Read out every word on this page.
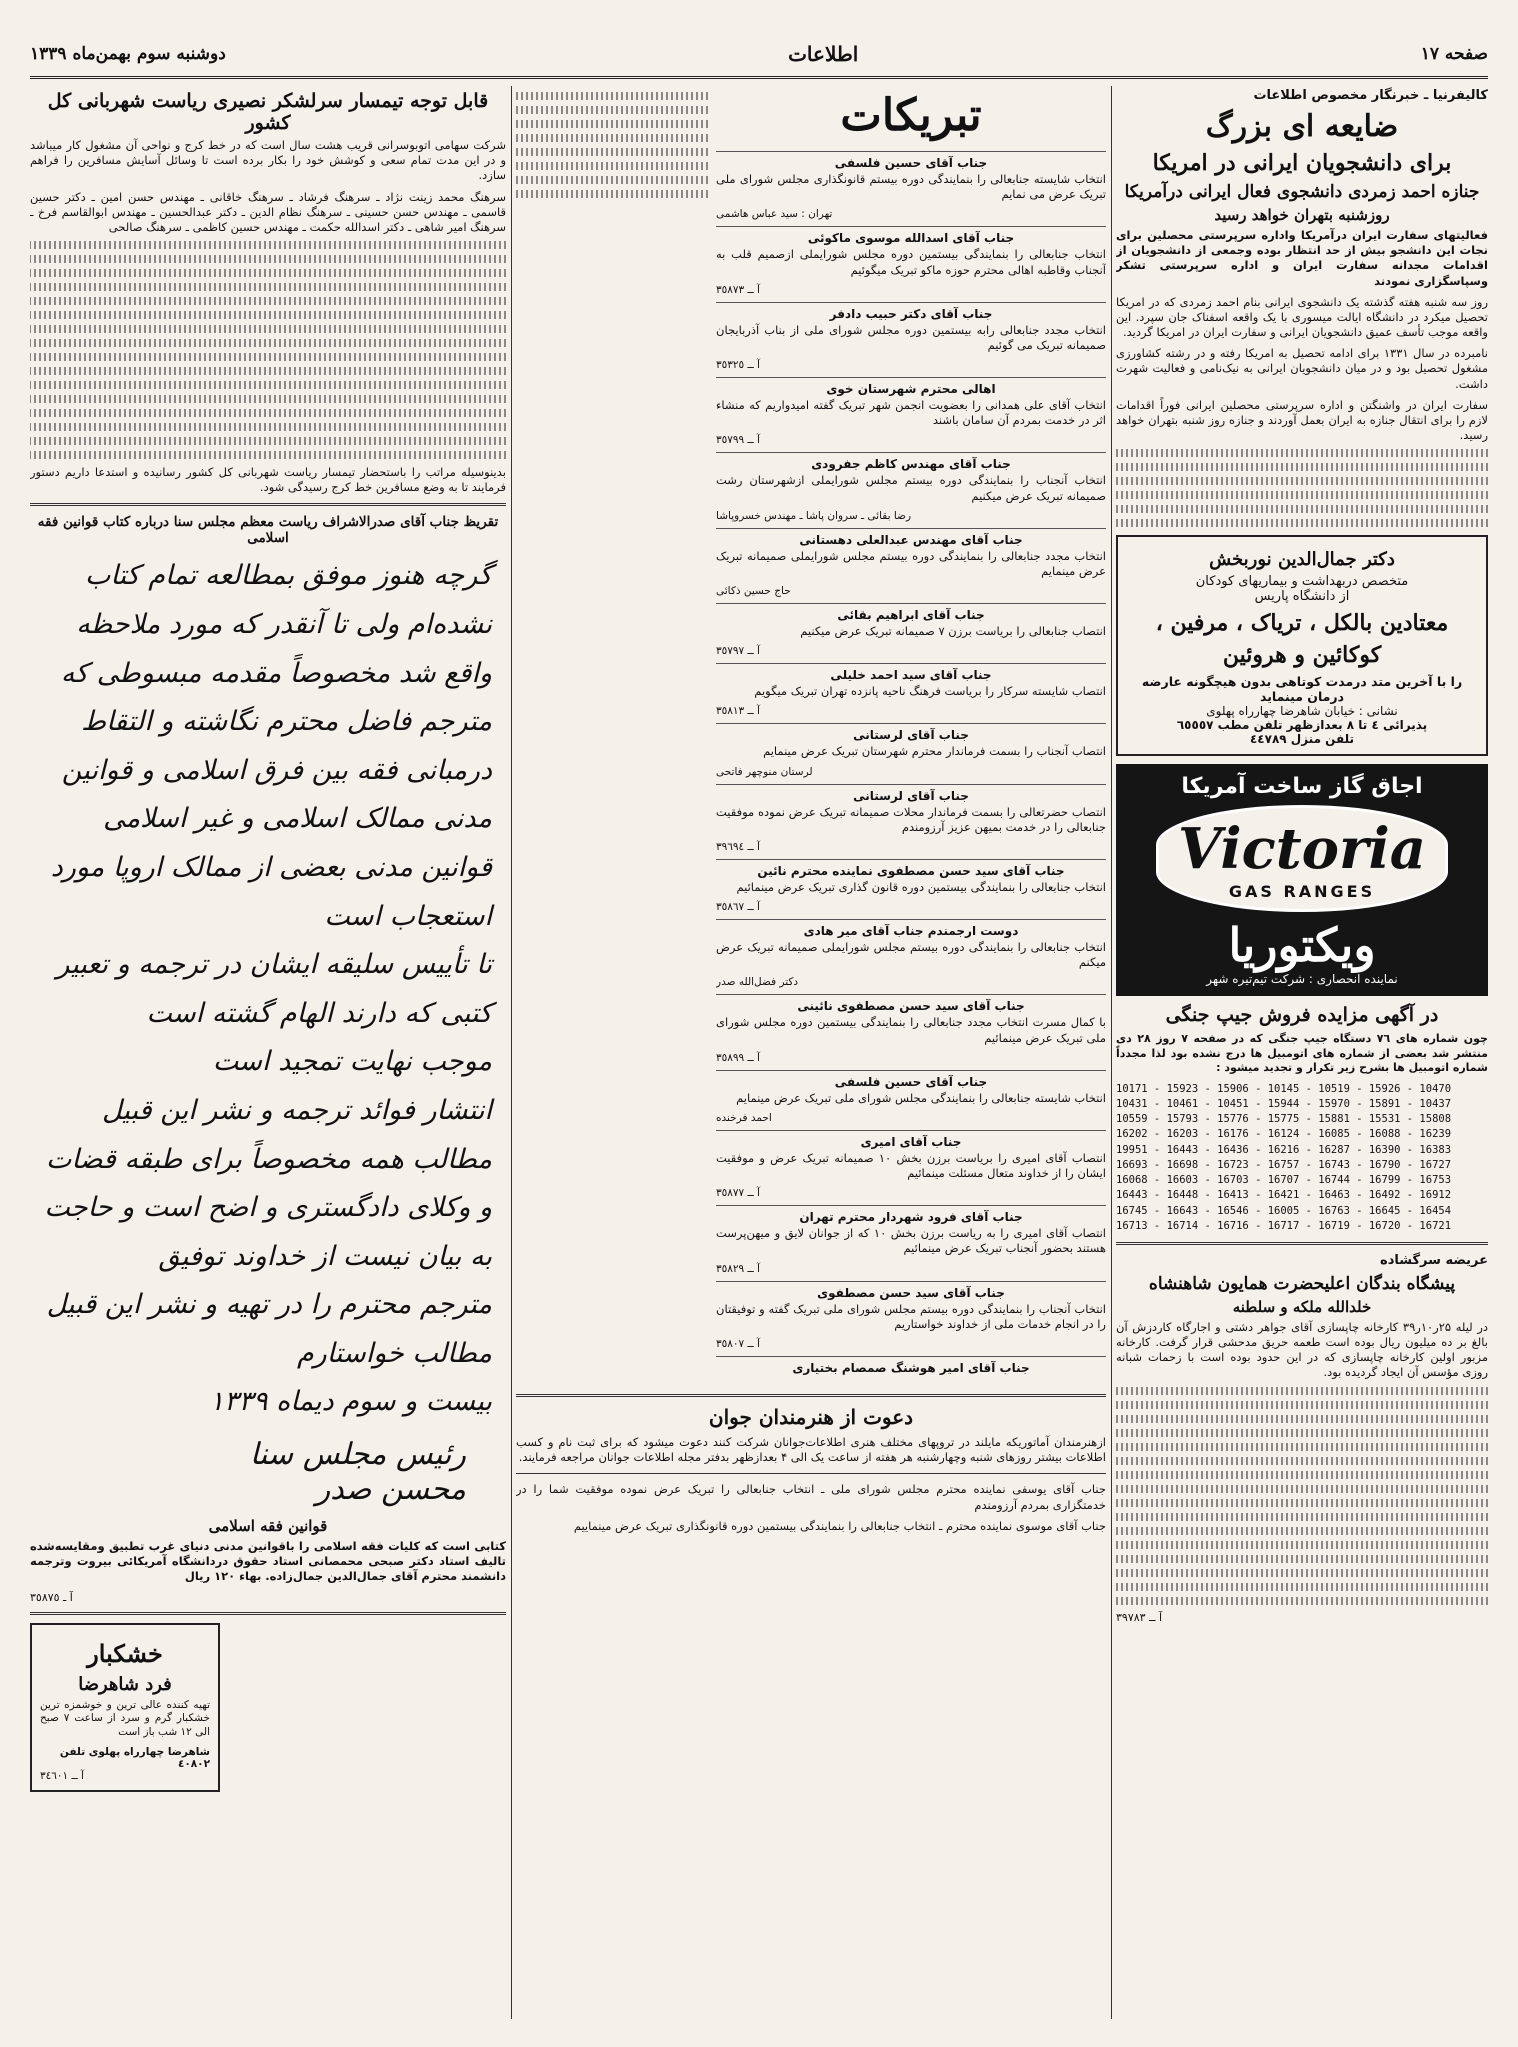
صفحه ۱۷
اطلاعات
دوشنبه سوم بهمن‌ماه ۱۳۳۹
کالیفرنیا ـ خبرنگار مخصوص اطلاعات
ضایعه ای بزرگ
برای دانشجویان ایرانی در امریکا
جنازه احمد زمردی دانشجوی فعال ایرانی درآمریکا
روزشنبه بتهران خواهد رسید

فعالیتهای سفارت ایران درآمریکا واداره سرپرستی محصلین برای نجات این دانشجو بیش از حد انتظار بوده وجمعی از دانشجویان از اقدامات مجدانه سفارت ایران و اداره سرپرستی تشکر وسپاسگزاری نمودند

روز سه شنبه هفته گذشته یک دانشجوی ایرانی بنام احمد زمردی که در امریکا تحصیل میکرد در دانشگاه ایالت میسوری با یک واقعه اسفناک جان سپرد. این واقعه موجب تأسف عمیق دانشجویان ایرانی و سفارت ایران در امریکا گردید.

نامبرده در سال ۱۳۳۱ برای ادامه تحصیل به امریکا رفته و در رشته کشاورزی مشغول تحصیل بود و در میان دانشجویان ایرانی به نیک‌نامی و فعالیت شهرت داشت.

سفارت ایران در واشنگتن و اداره سرپرستی محصلین ایرانی فوراً اقدامات لازم را برای انتقال جنازه به ایران بعمل آوردند و جنازه روز شنبه بتهران خواهد رسید.

دکتر جمال‌الدین نوربخش
متخصص دربهداشت و بیماریهای کودکان
از دانشگاه پاریس
معتادین بالکل ، تریاک ، مرفین ،
کوکائین و هروئین
را با آخرین متد درمدت کوتاهی بدون هیچگونه عارضه درمان مینماید
نشانی : خیابان شاهرضا چهارراه پهلوی
پذیرائی ٤ تا ۸ بعدازظهر تلفن مطب ٦٥٥٥٧
تلفن منزل ٤٤٧٨٩
اجاق گاز ساخت آمریکا
Victoria
GAS RANGES
ویکتوریا
نماینده انحصاری : شرکت تیم‌تیره شهر
در آگهی مزایده فروش جیپ جنگی

چون شماره های ٧٦ دستگاه جیپ جنگی که در صفحه ۷ روز ۲۸ دی منتشر شد بعضی از شماره های اتومبیل ها درج نشده بود لذا مجدداً شماره اتومبیل ها بشرح زیر تکرار و تجدید میشود :

10171 - 15923 - 15906 - 10145 - 10519 - 15926 - 10470
10431 - 10461 - 10451 - 15944 - 15970 - 15891 - 10437
10559 - 15793 - 15776 - 15775 - 15881 - 15531 - 15808
16202 - 16203 - 16176 - 16124 - 16085 - 16088 - 16239
19951 - 16443 - 16436 - 16216 - 16287 - 16390 - 16383
16693 - 16698 - 16723 - 16757 - 16743 - 16790 - 16727
16068 - 16603 - 16703 - 16707 - 16744 - 16799 - 16753
16443 - 16448 - 16413 - 16421 - 16463 - 16492 - 16912
16745 - 16643 - 16546 - 16005 - 16763 - 16645 - 16454
16713 - 16714 - 16716 - 16717 - 16719 - 16720 - 16721
عریضه سرگشاده
پیشگاه بندگان اعلیحضرت همایون شاهنشاه
خلدالله ملکه و سلطنه

در لیله ۲۵ر۱۰ر۳۹ کارخانه چاپسازی آقای جواهر دشتی و اجارگاه کاردزش آن بالغ بر ده میلیون ریال بوده است طعمه حریق مدحشی قرار گرفت. کارخانه مزبور اولین کارخانه چاپسازی که در این حدود بوده است با زحمات شبانه روزی مؤسس آن ایجاد گردیده بود.

آ ــ ٣٩٧٨٣
تبریکات
جناب آقای حسین فلسفی

انتخاب شایسته جنابعالی را بنمایندگی دوره بیستم قانونگذاری مجلس شورای ملی تبریک عرض می نمایم

تهران : سید عباس هاشمی
جناب آقای اسدالله موسوی ماکوئی

انتخاب جنابعالی را بنمایندگی بیستمین دوره مجلس شورایملی ازصمیم قلب به آنجناب وقاطبه اهالی محترم حوزه ماکو تبریک میگوئیم

آ ــ ٣٥٨٧٣
جناب آقای دکتر حبیب دادفر

انتخاب مجدد جنابعالی رابه بیستمین دوره مجلس شورای ملی از بناب آذربایجان صمیمانه تبریک می گوئیم

آ ــ ٣٥٣٢٥
اهالی محترم شهرستان خوی

انتخاب آقای علی همدانی را بعضویت انجمن شهر تبریک گفته امیدواریم که منشاء اثر در خدمت بمردم آن سامان باشند

آ ــ ٣٥٧٩٩
جناب آقای مهندس کاظم جفرودی

انتخاب آنجناب را بنمایندگی دوره بیستم مجلس شورایملی ازشهرستان رشت صمیمانه تبریک عرض میکنیم

رضا بقائی ـ سروان پاشا ـ مهندس خسروپاشا
جناب آقای مهندس عبدالعلی دهستانی

انتخاب مجدد جنابعالی را بنمایندگی دوره بیستم مجلس شورایملی صمیمانه تبریک عرض مینمایم

حاج حسین ذکائی
جناب آقای ابراهیم بقائی

انتصاب جنابعالی را بریاست برزن ۷ صمیمانه تبریک عرض میکنیم

آ ــ ٣٥٧٩٧
جناب آقای سید احمد خلیلی

انتصاب شایسته سرکار را بریاست فرهنگ ناحیه پانزده تهران تبریک میگویم

آ ــ ٣٥٨١٣
جناب آقای لرستانی

انتصاب آنجناب را بسمت فرماندار محترم شهرستان تبریک عرض مینمایم

لرستان منوچهر فاتحی
جناب آقای لرستانی

انتصاب حضرتعالی را بسمت فرماندار محلات صمیمانه تبریک عرض نموده موفقیت جنابعالی را در خدمت بمیهن عزیز آرزومندم

آ ــ ٣٩٦٩٤
جناب آقای سید حسن مصطفوی نماینده محترم نائین

انتخاب جنابعالی را بنمایندگی بیستمین دوره قانون گذاری تبریک عرض مینمائیم

آ ــ ٣٥٨٦٧
دوست ارجمندم جناب آقای میر هادی

انتخاب جنابعالی را بنمایندگی دوره بیستم مجلس شورایملی صمیمانه تبریک عرض میکنم

دکتر فضل‌الله صدر
جناب آقای سید حسن مصطفوی نائینی

با کمال مسرت انتخاب مجدد جنابعالی را بنمایندگی بیستمین دوره مجلس شورای ملی تبریک عرض مینمائیم

آ ــ ٣٥٨٩٩
جناب آقای حسین فلسفی

انتخاب شایسته جنابعالی را بنمایندگی مجلس شورای ملی تبریک عرض مینمایم

احمد فرخنده
جناب آقای امیری

انتصاب آقای امیری را بریاست برزن بخش ۱۰ صمیمانه تبریک عرض و موفقیت ایشان را از خداوند متعال مسئلت مینمائیم

آ ــ ٣٥٨٧٧
جناب آقای فرود شهردار محترم تهران

انتصاب آقای امیری را به ریاست برزن بخش ۱۰ که از جوانان لایق و میهن‌پرست هستند بحضور آنجناب تبریک عرض مینمائیم

آ ــ ٣٥٨٢٩
جناب آقای سید حسن مصطفوی

انتخاب آنجناب را بنمایندگی دوره بیستم مجلس شورای ملی تبریک گفته و توفیقتان را در انجام خدمات ملی از خداوند خواستاریم

آ ــ ٣٥٨٠٧
جناب آقای امیر هوشنگ صمصام بختیاری

دعوت از هنرمندان جوان

ازهنرمندان آماتوریکه مایلند در تروپهای مختلف هنری اطلاعات‌جوانان شرکت کنند دعوت میشود که برای ثبت نام و کسب اطلاعات بیشتر روزهای شنبه وچهارشنبه هر هفته از ساعت یک الی ۴ بعدازظهر بدفتر مجله اطلاعات جوانان مراجعه فرمایند.

جناب آقای یوسفی نماینده محترم مجلس شورای ملی ـ انتخاب جنابعالی را تبریک عرض نموده موفقیت شما را در خدمتگزاری بمردم آرزومندم

جناب آقای موسوی نماینده محترم ـ انتخاب جنابعالی را بنمایندگی بیستمین دوره قانونگذاری تبریک عرض مینماییم

قابل توجه تیمسار سرلشکر نصیری ریاست شهربانی کل کشور

شرکت سهامی اتوبوسرانی قریب هشت سال است که در خط کرج و نواحی آن مشغول کار میباشد و در این مدت تمام سعی و کوشش خود را بکار برده است تا وسائل آسایش مسافرین را فراهم سازد.

سرهنگ محمد زینت نژاد ـ سرهنگ فرشاد ـ سرهنگ خاقانی ـ مهندس حسن امین ـ دکتر حسین قاسمی ـ مهندس حسن حسینی ـ سرهنگ نظام الدین ـ دکتر عبدالحسین ـ مهندس ابوالقاسم فرخ ـ سرهنگ امیر شاهی ـ دکتر اسدالله حکمت ـ مهندس حسین کاظمی ـ سرهنگ صالحی

بدینوسیله مراتب را باستحضار تیمسار ریاست شهربانی کل کشور رسانیده و استدعا داریم دستور فرمایند تا به وضع مسافرین خط کرج رسیدگی شود.

تقریظ جناب آقای صدرالاشراف ریاست معظم مجلس سنا درباره کتاب قوانین فقه اسلامی
گرچه هنوز موفق بمطالعه تمام کتاب نشده‌ام ولی تا آنقدر که مورد ملاحظه
واقع شد مخصوصاً مقدمه مبسوطی که مترجم فاضل محترم نگاشته و التقاط
درمبانی فقه بین فرق اسلامی و قوانین مدنی ممالک اسلامی و غیر اسلامی
قوانین مدنی بعضی از ممالک اروپا مورد استعجاب است
تا تأییس سلیقه ایشان در ترجمه و تعبیر کتبی که دارند الهام گشته است
موجب نهایت تمجید است
انتشار فوائد ترجمه و نشر این قبیل مطالب همه مخصوصاً برای طبقه قضات
و وکلای دادگستری و اضح است و حاجت به بیان نیست از خداوند توفیق
مترجم محترم را در تهیه و نشر این قبیل مطالب خواستارم
بیست و سوم دیماه ۱۳۳۹
رئیس مجلس سنا
محسن صدر
قوانین فقه اسلامی

کتابی است که کلیات فقه اسلامی را باقوانین مدنی دنیای غرب تطبیق ومقایسه‌شده تالیف استاد دکتر صبحی محمصانی استاد حقوق دردانشگاه آمریکائی بیروت وترجمه دانشمند محترم آقای جمال‌الدین جمال‌زاده. بهاء ۱۲۰ ریال

آ ـ ٣٥٨٧٥
خشکبار
فرد شاهرضا

تهیه کننده عالی ترین و خوشمزه ترین خشکبار گرم و سرد از ساعت ۷ صبح الی ۱۲ شب باز است

شاهرضا چهارراه پهلوی تلفن ٤٠٨٠٢
آ ــ ٣٤٦٠١
